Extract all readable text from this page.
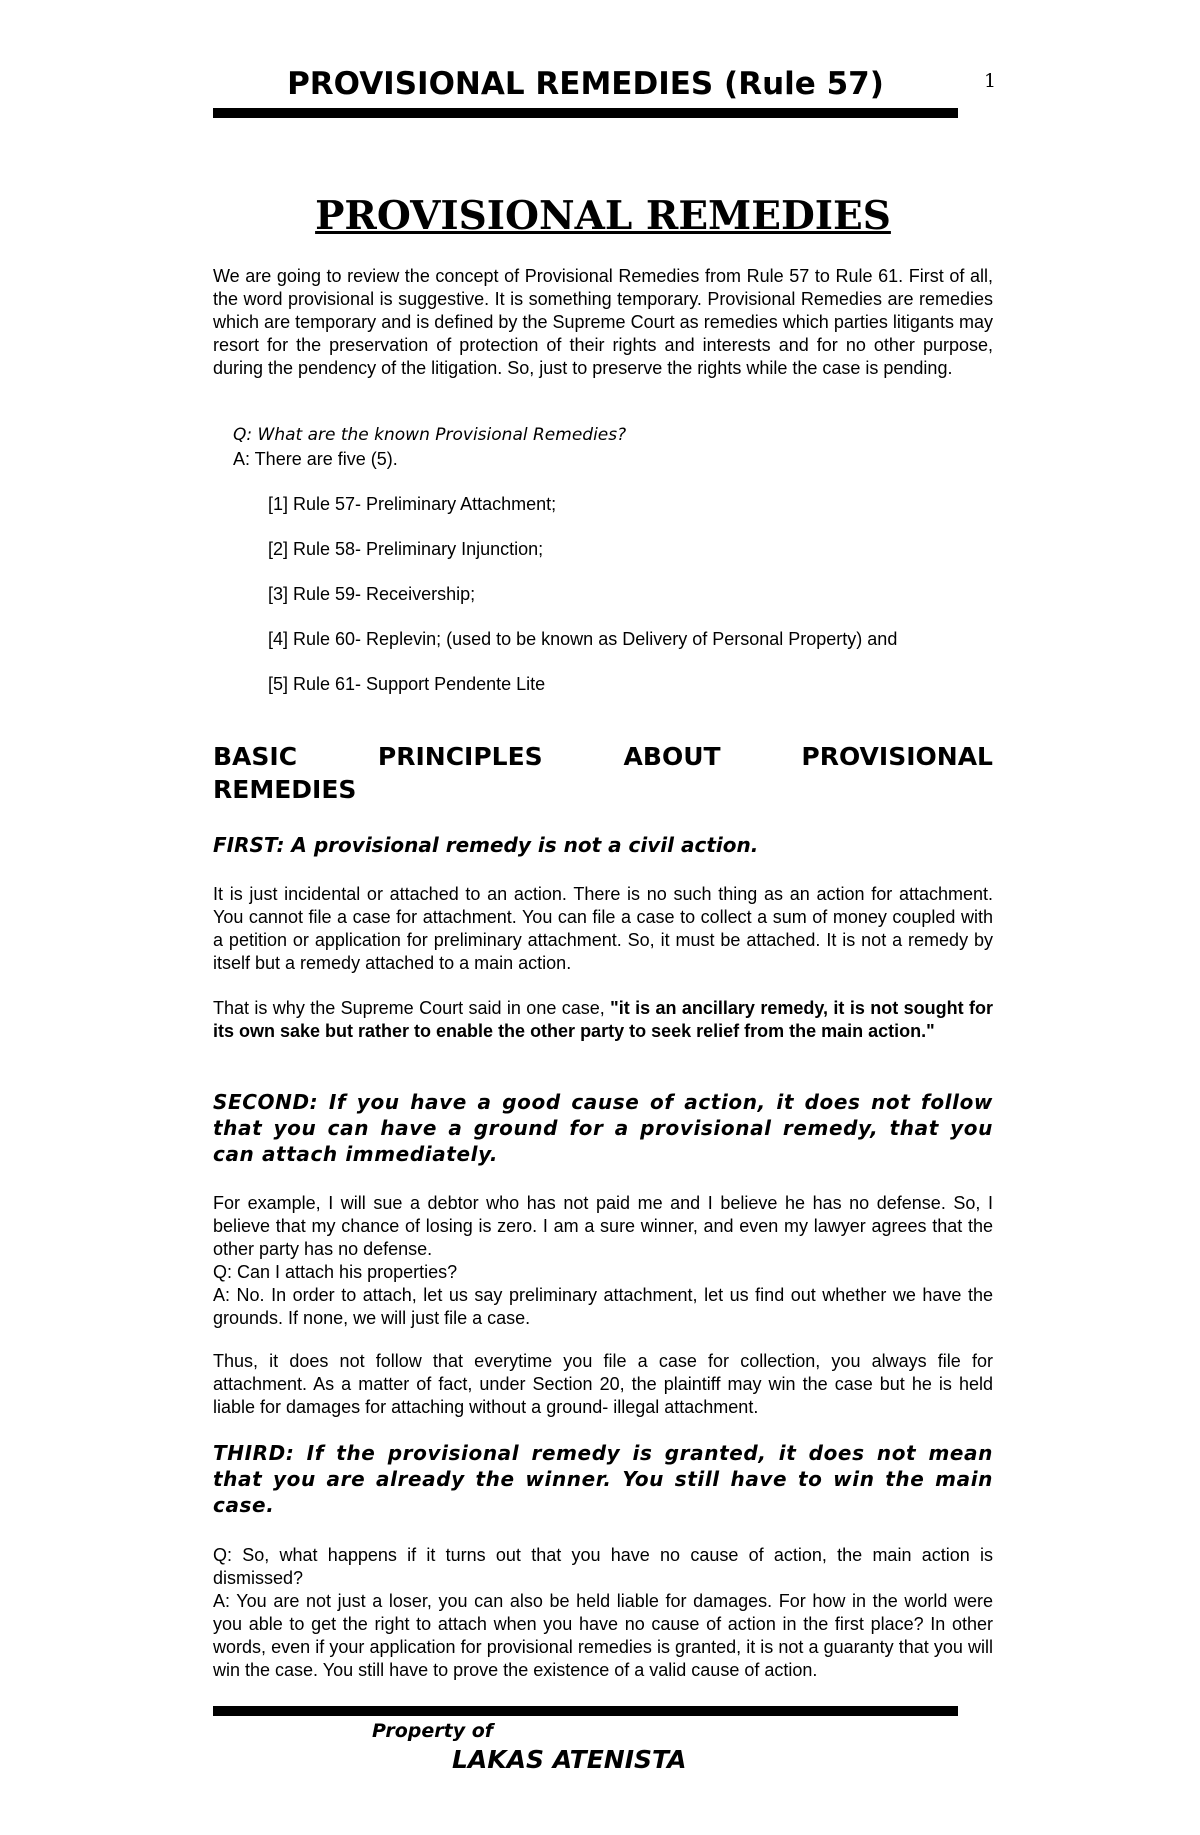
PROVISIONAL REMEDIES (Rule 57)	1
PROVISIONAL REMEDIES

We are going to review the concept of Provisional Remedies from Rule 57 to Rule 61. First of all, the word provisional is suggestive. It is something temporary. Provisional Remedies are remedies which are temporary and is defined by the Supreme Court as remedies which parties litigants may resort for the preservation of protection of their rights and interests and for no other purpose, during the pendency of the litigation. So, just to preserve the rights while the case is pending.

Q: What are the known Provisional Remedies?

A: There are five (5).

[1] Rule 57- Preliminary Attachment;

[2] Rule 58- Preliminary Injunction;

[3] Rule 59- Receivership;

[4] Rule 60- Replevin; (used to be known as Delivery of Personal Property) and

[5] Rule 61- Support Pendente Lite

BASIC	PRINCIPLES	ABOUT	PROVISIONAL
REMEDIES

FIRST: A provisional remedy is not a civil action.

It is just incidental or attached to an action. There is no such thing as an action for attachment. You cannot file a case for attachment. You can file a case to collect a sum of money coupled with a petition or application for preliminary attachment. So, it must be attached. It is not a remedy by itself but a remedy attached to a main action.

That is why the Supreme Court said in one case, "it is an ancillary remedy, it is not sought for its own sake but rather to enable the other party to seek relief from the main action."

SECOND: If you have a good cause of action, it does not follow that you can have a ground for a provisional remedy, that you can attach immediately.

For example, I will sue a debtor who has not paid me and I believe he has no defense. So, I believe that my chance of losing is zero. I am a sure winner, and even my lawyer agrees that the other party has no defense.

Q: Can I attach his properties?

A: No. In order to attach, let us say preliminary attachment, let us find out whether we have the grounds. If none, we will just file a case.

Thus, it does not follow that everytime you file a case for collection, you always file for attachment. As a matter of fact, under Section 20, the plaintiff may win the case but he is held liable for damages for attaching without a ground- illegal attachment.

THIRD: If the provisional remedy is granted, it does not mean that you are already the winner. You still have to win the main case.

Q: So, what happens if it turns out that you have no cause of action, the main action is dismissed?

A: You are not just a loser, you can also be held liable for damages. For how in the world were you able to get the right to attach when you have no cause of action in the first place? In other words, even if your application for provisional remedies is granted, it is not a guaranty that you will win the case. You still have to prove the existence of a valid cause of action.

Property of

LAKAS ATENISTA
